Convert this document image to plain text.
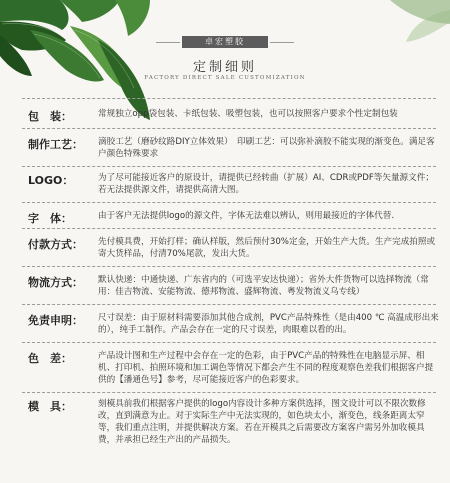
卓宏塑胶
定制细则
FACTORY DIRECT SALE CUSTOMIZATION
包　装：	常规独立opp袋包装、卡纸包装、吸塑包装，也可以按照客户要求个性定制包装
制作工艺：	滴胶工艺（磨砂纹路DIY立体效果）　印刷工艺：可以弥补滴胶不能实现的渐变色。满足客户颜色特殊要求
LOGO：	为了尽可能接近客户的原设计，请提供已经转曲（扩展）AI、CDR或PDF等矢量源文件；若无法提供源文件，请提供高清大图。
字　体：	由于客户无法提供logo的源文件，字体无法难以辨认，则用最接近的字体代替.
付款方式：	先付模具费，开始打样；确认样版，然后预付30%定金，开始生产大货。生产完成拍照或寄大货样品，付清70%尾款，发出大货。
物流方式：	默认快递：中通快递、广东省内的（可选平安达快递）；省外大件货物可以选择物流（常用：佳吉物流、安能物流、德邦物流、盛辉物流、粤发物流义乌专线）
免责申明：	尺寸误差：由于原材料需要添加其他合成剂，PVC产品特殊性（是由400 ℃ 高温成形出来的），纯手工制作。产品会存在一定的尺寸误差，肉眼难以看的出。
色　差：	产品设计图和生产过程中会存在一定的色彩，由于PVC产品的特殊性在电脑显示屏、相机、打印机、拍照环境和加工调色等情况下都会产生不同的程度观察色差我们根据客户提供的【潘通色号】参考，尽可能接近客户的色彩要求。
模　具：	刻模具前我们根据客户提供的logo内容设计多种方案供选择，图文设计可以不限次数修改，直到满意为止。对于实际生产中无法实现的，如色块太小，渐变色，线条距离太窄等，我们重点注明，并提供解决方案。若在开模具之后需要改方案客户需另外加收模具费，并承担已经生产出的产品损失。
